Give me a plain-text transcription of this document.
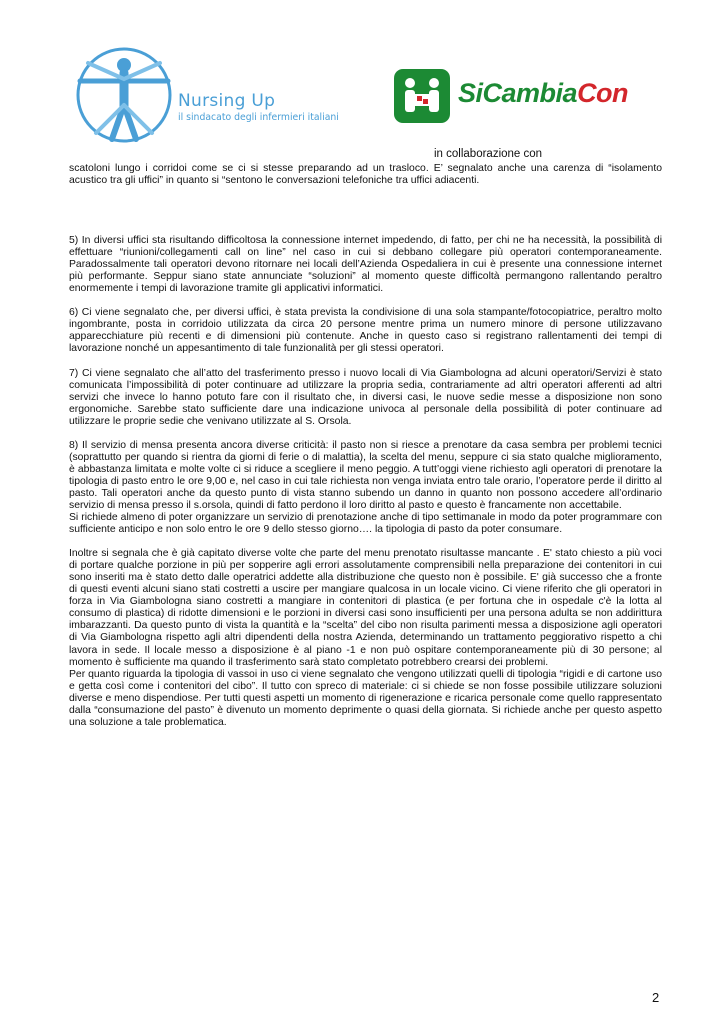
Nursing Up
il sindacato degli infermieri italiani
SiCambiaCon
in collaborazione con

scatoloni lungo i corridoi come se ci si stesse preparando ad un trasloco. E’ segnalato anche una carenza di “isolamento acustico tra gli uffici” in quanto si “sentono le conversazioni telefoniche tra uffici adiacenti.

5) In diversi uffici sta risultando difficoltosa la connessione internet impedendo, di fatto, per chi ne ha necessità, la possibilità di effettuare “riunioni/collegamenti call on line” nel caso in cui si debbano collegare più operatori contemporaneamente. Paradossalmente tali operatori devono ritornare nei locali dell’Azienda Ospedaliera in cui è presente una connessione internet più performante. Seppur siano state annunciate “soluzioni” al momento queste difficoltà permangono rallentando peraltro enormemente i tempi di lavorazione tramite gli applicativi informatici.

6) Ci viene segnalato che, per diversi uffici, è stata prevista la condivisione di una sola stampante/fotocopiatrice, peraltro molto ingombrante, posta in corridoio utilizzata da circa 20 persone mentre prima un numero minore di persone utilizzavano apparecchiature più recenti e di dimensioni più contenute. Anche in questo caso si registrano rallentamenti dei tempi di lavorazione nonché un appesantimento di tale funzionalità per gli stessi operatori.

7) Ci viene segnalato che all’atto del trasferimento presso i nuovo locali di Via Giambologna ad alcuni operatori/Servizi è stato comunicata l’impossibilità di poter continuare ad utilizzare la propria sedia, contrariamente ad altri operatori afferenti ad altri servizi che invece lo hanno potuto fare con il risultato che, in diversi casi, le nuove sedie messe a disposizione non sono ergonomiche. Sarebbe stato sufficiente dare una indicazione univoca al personale della possibilità di poter continuare ad utilizzare le proprie sedie che venivano utilizzate al S. Orsola.

8) Il servizio di mensa presenta ancora diverse criticità: il pasto non si riesce a prenotare da casa sembra per problemi tecnici (soprattutto per quando si rientra da giorni di ferie o di malattia), la scelta del menu, seppure ci sia stato qualche miglioramento, è abbastanza limitata e molte volte ci si riduce a scegliere il meno peggio. A tutt’oggi viene richiesto agli operatori di prenotare la tipologia di pasto entro le ore 9,00 e, nel caso in cui tale richiesta non venga inviata entro tale orario, l’operatore perde il diritto al pasto. Tali operatori anche da questo punto di vista stanno subendo un danno in quanto non possono accedere all’ordinario servizio di mensa presso il s.orsola, quindi di fatto perdono il loro diritto al pasto e questo è francamente non accettabile.

Si richiede almeno di poter organizzare un servizio di prenotazione anche di tipo settimanale in modo da poter programmare con sufficiente anticipo e non solo entro le ore 9 dello stesso giorno…. la tipologia di pasto da poter consumare.

Inoltre si segnala che è già capitato diverse volte che parte del menu prenotato risultasse mancante . E' stato chiesto a più voci di portare qualche porzione in più per sopperire agli errori assolutamente comprensibili nella preparazione dei contenitori in cui sono inseriti ma è stato detto dalle operatrici addette alla distribuzione che questo non è possibile. E' già successo che a fronte di questi eventi alcuni siano stati costretti a uscire per mangiare qualcosa in un locale vicino. Ci viene riferito che gli operatori in forza in Via Giambologna siano costretti a mangiare in contenitori di plastica (e per fortuna che in ospedale c'è la lotta al consumo di plastica) di ridotte dimensioni e le porzioni in diversi casi sono insufficienti per una persona adulta se non addirittura imbarazzanti. Da questo punto di vista la quantità e la “scelta” del cibo non risulta parimenti messa a disposizione agli operatori di Via Giambologna rispetto agli altri dipendenti della nostra Azienda, determinando un trattamento peggiorativo rispetto a chi lavora in sede. Il locale messo a disposizione è al piano -1 e non può ospitare contemporaneamente più di 30 persone; al momento è sufficiente ma quando il trasferimento sarà stato completato potrebbero crearsi dei problemi.

Per quanto riguarda la tipologia di vassoi in uso ci viene segnalato che vengono utilizzati quelli di tipologia “rigidi e di cartone uso e getta così come i contenitori del cibo”. Il tutto con spreco di materiale: ci si chiede se non fosse possibile utilizzare soluzioni diverse e meno dispendiose. Per tutti questi aspetti un momento di rigenerazione e ricarica personale come quello rappresentato dalla “consumazione del pasto” è divenuto un momento deprimente o quasi della giornata. Si richiede anche per questo aspetto una soluzione a tale problematica.

2
